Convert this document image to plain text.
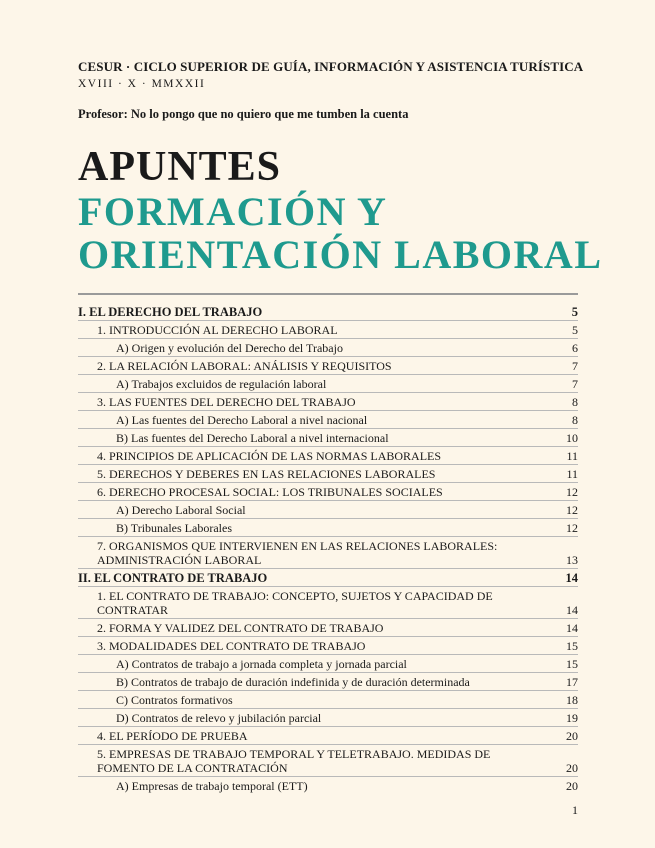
CESUR · CICLO SUPERIOR DE GUÍA, INFORMACIÓN Y ASISTENCIA TURÍSTICA
XVIII · X · MMXXII
Profesor: No lo pongo que no quiero que me tumben la cuenta
APUNTES
FORMACIÓN Y
ORIENTACIÓN LABORAL
I. EL DERECHO DEL TRABAJO	5
1. INTRODUCCIÓN AL DERECHO LABORAL	5
A) Origen y evolución del Derecho del Trabajo	6
2. LA RELACIÓN LABORAL: ANÁLISIS Y REQUISITOS	7
A) Trabajos excluidos de regulación laboral	7
3. LAS FUENTES DEL DERECHO DEL TRABAJO	8
A) Las fuentes del Derecho Laboral a nivel nacional	8
B) Las fuentes del Derecho Laboral a nivel internacional	10
4. PRINCIPIOS DE APLICACIÓN DE LAS NORMAS LABORALES	11
5. DERECHOS Y DEBERES EN LAS RELACIONES LABORALES	11
6. DERECHO PROCESAL SOCIAL: LOS TRIBUNALES SOCIALES	12
A) Derecho Laboral Social	12
B) Tribunales Laborales	12
7. ORGANISMOS QUE INTERVIENEN EN LAS RELACIONES LABORALES: ADMINISTRACIÓN LABORAL	13
II. EL CONTRATO DE TRABAJO	14
1. EL CONTRATO DE TRABAJO: CONCEPTO, SUJETOS Y CAPACIDAD DE CONTRATAR	14
2. FORMA Y VALIDEZ DEL CONTRATO DE TRABAJO	14
3. MODALIDADES DEL CONTRATO DE TRABAJO	15
A) Contratos de trabajo a jornada completa y jornada parcial	15
B) Contratos de trabajo de duración indefinida y de duración determinada	17
C) Contratos formativos	18
D) Contratos de relevo y jubilación parcial	19
4. EL PERÍODO DE PRUEBA	20
5. EMPRESAS DE TRABAJO TEMPORAL Y TELETRABAJO. MEDIDAS DE FOMENTO DE LA CONTRATACIÓN	20
A) Empresas de trabajo temporal (ETT)	20
1
